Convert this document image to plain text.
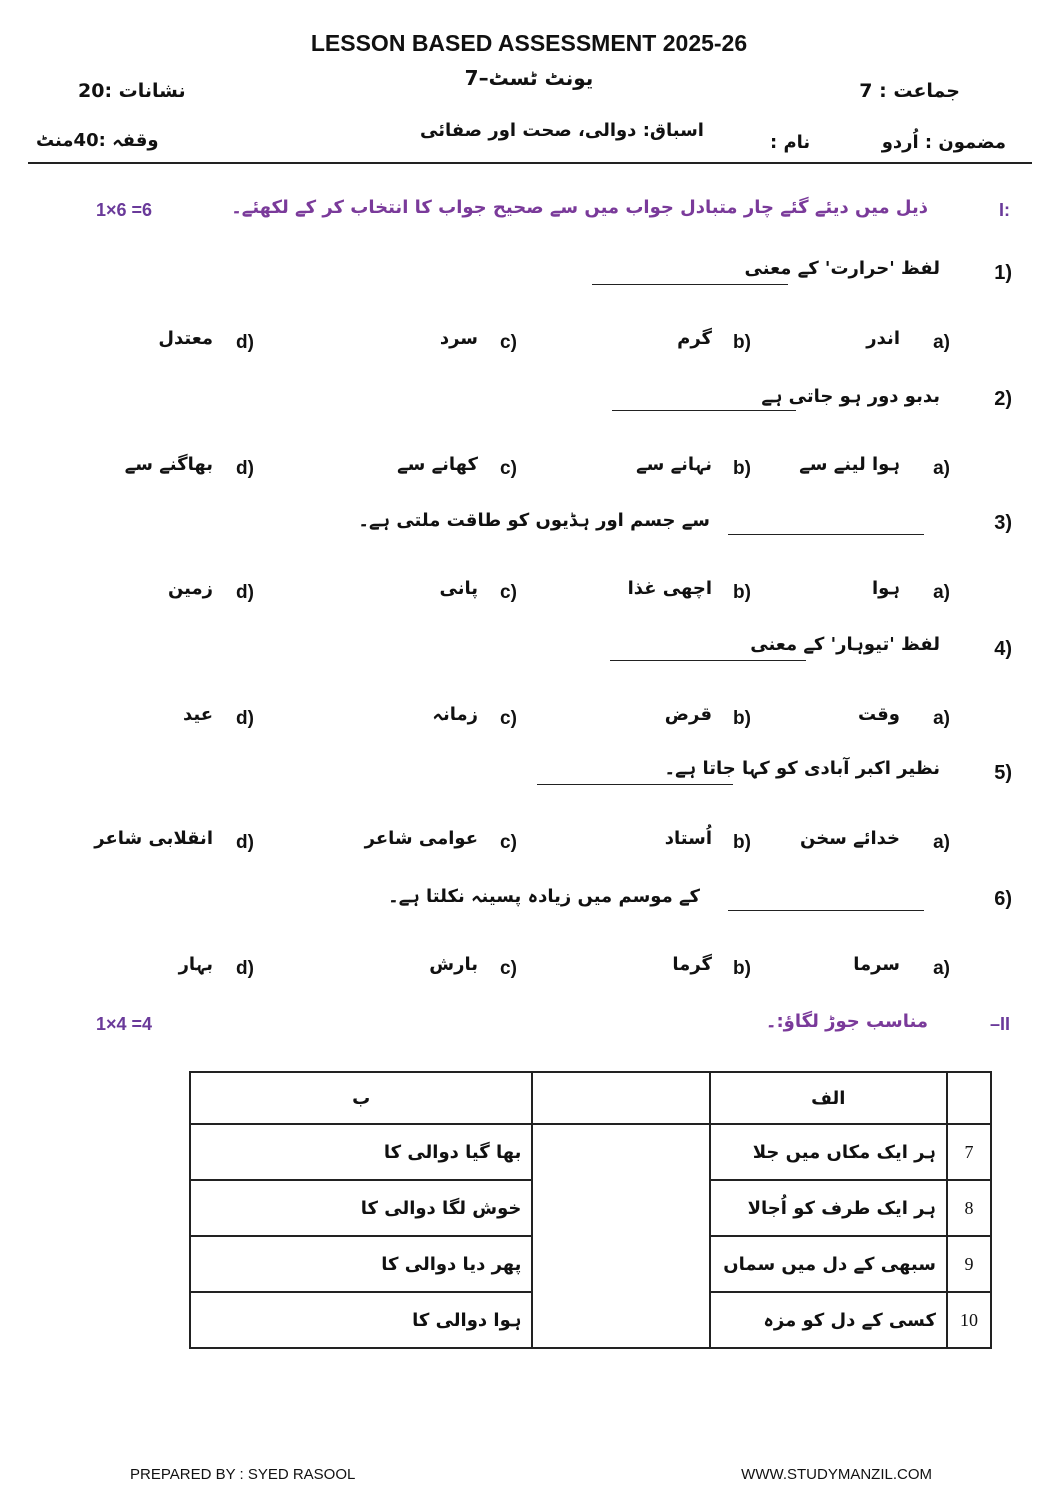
LESSON BASED ASSESSMENT 2025-26
یونٹ ٹسٹ–7
نشانات :20	جماعت : 7
وقفہ :40منٹ	اسباق: دوالی، صحت اور صفائی
نام :	مضمون : اُردو
I:
ذیل میں دیئے گئے چار متبادل جواب میں سے صحیح جواب کا انتخاب کر کے لکھئے۔
1×6 =6
1)
لفظ 'حرارت' کے معنی
a)
اندر
b)
گرم
c)
سرد
d)
معتدل
2)
بدبو دور ہو جاتی ہے
a)
ہوا لینے سے
b)
نہانے سے
c)
کھانے سے
d)
بھاگنے سے
3)
سے جسم اور ہڈیوں کو طاقت ملتی ہے۔
a)
ہوا
b)
اچھی غذا
c)
پانی
d)
زمین
4)
لفظ 'تیوہار' کے معنی
a)
وقت
b)
قرض
c)
زمانہ
d)
عید
5)
نظیر اکبر آبادی کو کہا جاتا ہے۔
a)
خدائے سخن
b)
اُستاد
c)
عوامی شاعر
d)
انقلابی شاعر
6)
کے موسم میں زیادہ پسینہ نکلتا ہے۔
a)
سرما
b)
گرما
c)
بارش
d)
بہار
–II
مناسب جوڑ لگاؤ:۔
1×4 =4
ب		الف	
بھا گیا دوالی کا		ہر ایک مکاں میں جلا	7
خوش لگا دوالی کا		ہر ایک طرف کو اُجالا	8
پھر دیا دوالی کا		سبھی کے دل میں سماں	9
ہوا دوالی کا		کسی کے دل کو مزہ	10
PREPARED BY : SYED RASOOL	WWW.STUDYMANZIL.COM
